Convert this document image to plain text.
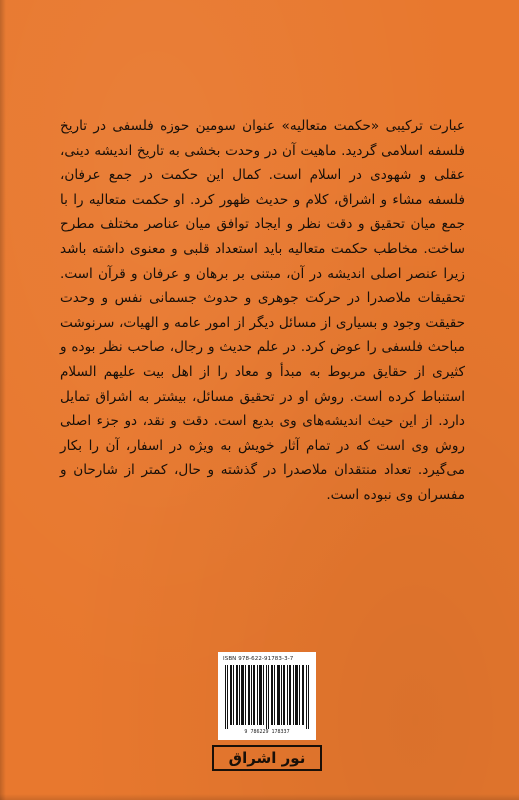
عبارت ترکیبی «حکمت متعالیه» عنوان سومین حوزه فلسفی در تاریخ فلسفه اسلامی گردید. ماهیت آن در وحدت بخشی به تاریخ اندیشه دینی، عقلی و شهودی در اسلام است. کمال این حکمت در جمع عرفان، فلسفه مشاء و اشراق، کلام و حدیث ظهور کرد. او حکمت متعالیه را با جمع میان تحقیق و دقت نظر و ایجاد توافق میان عناصر مختلف مطرح ساخت. مخاطب حکمت متعالیه باید استعداد قلبی و معنوی داشته باشد زیرا عنصر اصلی اندیشه در آن، مبتنی بر برهان و عرفان و قرآن است. تحقیقات ملاصدرا در حرکت جوهری و حدوث جسمانی نفس و وحدت حقیقت وجود و بسیاری از مسائل دیگر از امور عامه و الهیات، سرنوشت مباحث فلسفی را عوض کرد. در علم حدیث و رجال، صاحب نظر بوده و کثیری از حقایق مربوط به مبدأ و معاد را از اهل بیت علیهم السلام استنباط کرده است. روش او در تحقیق مسائل، بیشتر به اشراق تمایل دارد. از این حیث اندیشه‌های وی بدیع است. دقت و نقد، دو جزء اصلی روش وی است که در تمام آثار خویش به ویژه در اسفار، آن را بکار می‌گیرد. تعداد منتقدان ملاصدرا در گذشته و حال، کمتر از شارحان و مفسران وی نبوده است.

ISBN 978-622-91783-3-7
9 786229 178337
نور اشراق
